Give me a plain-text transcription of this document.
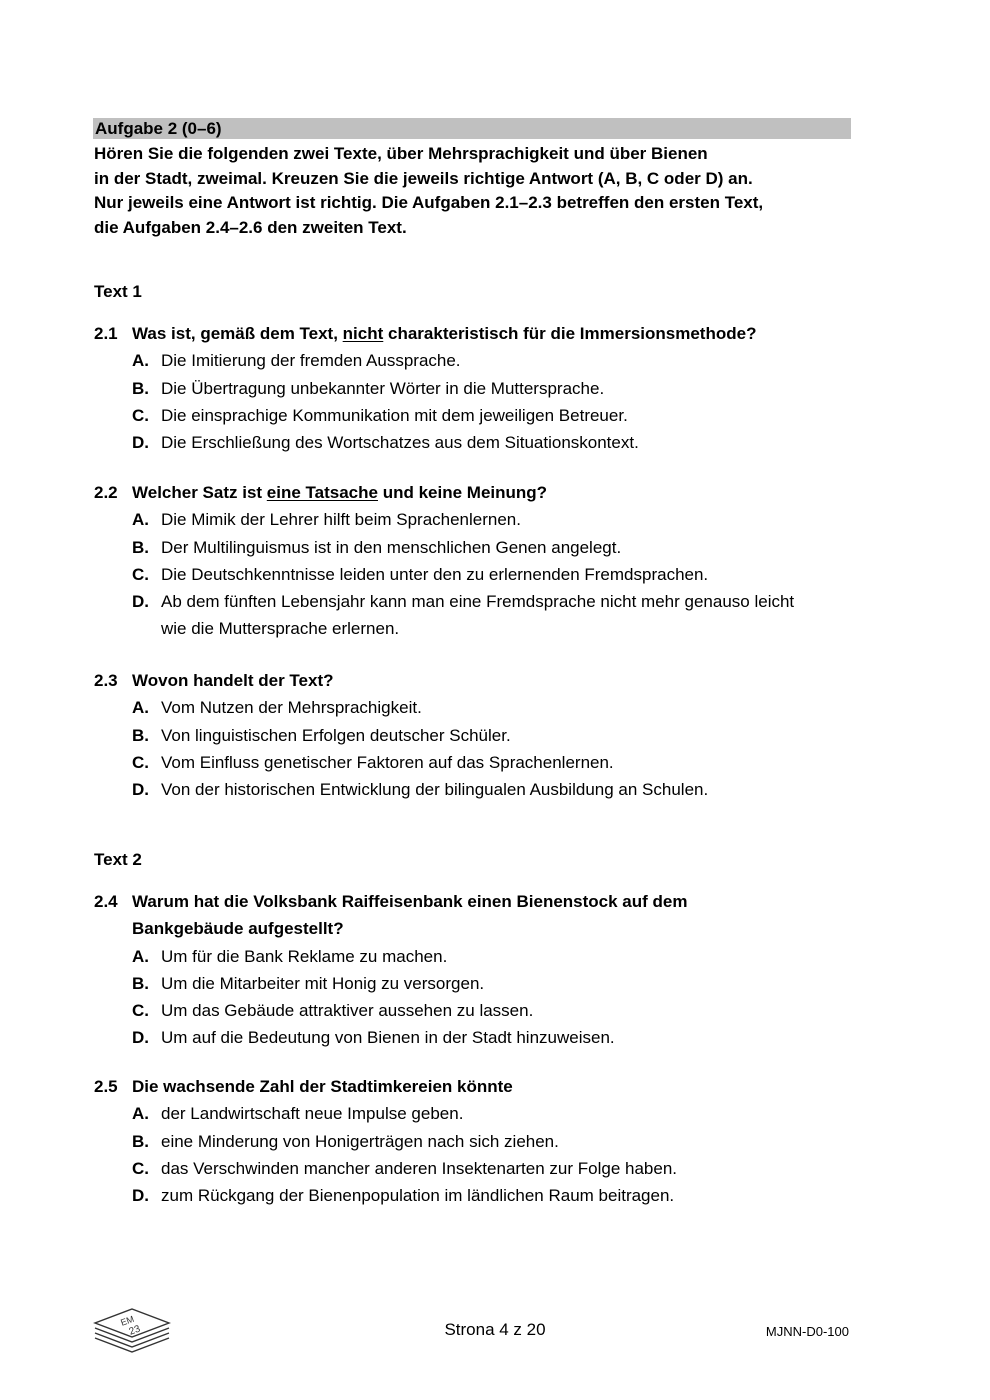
Aufgabe 2 (0–6)
Hören Sie die folgenden zwei Texte, über Mehrsprachigkeit und über Bienen
in der Stadt, zweimal. Kreuzen Sie die jeweils richtige Antwort (A, B, C oder D) an.
Nur jeweils eine Antwort ist richtig. Die Aufgaben 2.1–2.3 betreffen den ersten Text,
die Aufgaben 2.4–2.6 den zweiten Text.
Text 1
2.1 Was ist, gemäß dem Text, nicht charakteristisch für die Immersionsmethode?
A. Die Imitierung der fremden Aussprache.
B. Die Übertragung unbekannter Wörter in die Muttersprache.
C. Die einsprachige Kommunikation mit dem jeweiligen Betreuer.
D. Die Erschließung des Wortschatzes aus dem Situationskontext.
2.2 Welcher Satz ist eine Tatsache und keine Meinung?
A. Die Mimik der Lehrer hilft beim Sprachenlernen.
B. Der Multilinguismus ist in den menschlichen Genen angelegt.
C. Die Deutschkenntnisse leiden unter den zu erlernenden Fremdsprachen.
D. Ab dem fünften Lebensjahr kann man eine Fremdsprache nicht mehr genauso leicht
wie die Muttersprache erlernen.
2.3 Wovon handelt der Text?
A. Vom Nutzen der Mehrsprachigkeit.
B. Von linguistischen Erfolgen deutscher Schüler.
C. Vom Einfluss genetischer Faktoren auf das Sprachenlernen.
D. Von der historischen Entwicklung der bilingualen Ausbildung an Schulen.
Text 2
2.4 Warum hat die Volksbank Raiffeisenbank einen Bienenstock auf dem
Bankgebäude aufgestellt?
A. Um für die Bank Reklame zu machen.
B. Um die Mitarbeiter mit Honig zu versorgen.
C. Um das Gebäude attraktiver aussehen zu lassen.
D. Um auf die Bedeutung von Bienen in der Stadt hinzuweisen.
2.5 Die wachsende Zahl der Stadtimkereien könnte
A. der Landwirtschaft neue Impulse geben.
B. eine Minderung von Honigerträgen nach sich ziehen.
C. das Verschwinden mancher anderen Insektenarten zur Folge haben.
D. zum Rückgang der Bienenpopulation im ländlichen Raum beitragen.
EM
23	Strona 4 z 20	MJNN-D0-100
